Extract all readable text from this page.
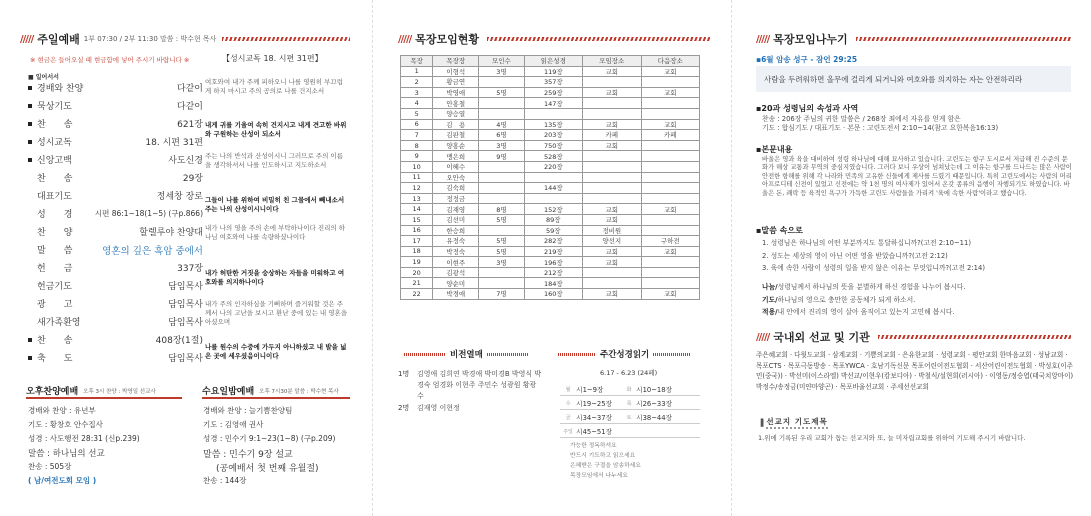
///// 주일예배 1부 07:30 / 2부 11:30 말씀 : 박수현 목사
※ 현금은 들어오실 때 현금함에 넣어 주시기 바랍니다 ※	【성시교독 18. 시편 31편】
■ 일어서서
경배와 찬양	다같이
묵상기도	다같이
찬　　송	621장
성시교독	18. 시편 31편
신앙고백	사도신경
찬　　송	29장
대표기도	정세창 장로
성　　경	시편 86:1~18(1~5) (구p.866)
찬　　양	할렐루야 찬양대
말　　씀	영혼의 깊은 흑암 중에서
헌　　금	337장
헌금기도	담임목사
광　　고	담임목사
새가족환영	담임목사
찬　　송	408장(1절)
축　　도	담임목사
여호와여 내가 주께 피하오니 나를 영원히 부끄럽게 하지 마시고 주의 공의로 나를 건지소서
내게 귀를 기울여 속히 건지시고 내게 견고한 바위와 구원하는 산성이 되소서
주는 나의 반석과 산성이시니 그러므로 주의 이름을 생각하셔서 나를 인도하시고 지도하소서
그들이 나를 위하여 비밀히 친 그물에서 빼내소서 주는 나의 산성이시니이다
내가 나의 영을 주의 손에 부탁하나이다 진리의 하나님 여호와여 나를 속량하셨나이다
내가 허탄한 거짓을 숭상하는 자들을 미워하고 여호와를 의지하나이다
내가 주의 인자하심을 기뻐하며 즐거워할 것은 주께서 나의 고난을 보시고 환난 중에 있는 내 영혼을 아셨으며
나를 원수의 수중에 가두지 아니하셨고 내 발을 넓은 곳에 세우셨음이니이다
오후찬양예배 오후 3시 찬양 : 박영일 선교사
경배와 찬양 : 유년부
기도 : 황창호 안수집사
성경 : 사도행전 28:31 (신p.239)
말씀 : 하나님의 선교
찬송 : 505장
( 남/여전도회 모임 )
수요일밤예배 오후 7시30분 말씀 : 박수현 목사
경배와 찬양 : 늘기쁨찬양팀
기도 : 김영애 권사
성경 : 민수기 9:1~23(1~8) (구p.209)
말씀 : 민수기 9장 설교
(공예배서 첫 번째 유월절)
찬송 : 144장
///// 목장모임현황
목장	목장장	모인수	읽은성경	모임장소	다음장소
1	이형석	3명	119장	교회	교회
2	황금연		357장		
3	박영애	5명	259장	교회	교회
4	안홍철		147장		
5	양승열				
6	김　용	4명	135장	교회	교회
7	김판철	6명	203장	카페	카페
8	양홍순	3명	750장	교회	
9	맹은희	9명	528장		
10	이혜수		220장		
11	오안숙				
12	김숙희		144장		
13	정정금				
14	김재영	8명	152장	교회	교회
15	김선미	5명	89장	교회	
16	한승희		59장	정비원	
17	유정숙	5명	282장	양선지	구하전
18	박정숙	5명	219장	교회	교회
19	이현주	3명	196장	교회	
20	김광석		212장		
21	양순미		184장		
22	박경애	7명	160장	교회	교회
비전열매
1명 김영애 김희연 박경애 박미경B 박영식 박경숙 엄경화 이현주 주민수 성광원 황광수
2명 김재영 이현정
주간성경읽기
6.17 - 6.23 (24페)
월 시1~9장	화 시10~18장
수 시19~25장	목 시26~33장
금 시34~37장	토 시38~44장
주일 시45~51장
가능한 정독하셔요
반드시 기도하고 읽으세요
은혜받은 구절을 암송하세요
목장모임에서 나누세요
///// 목장모임나누기
▪6월 암송 성구 - 잠언 29:25
사람을 두려워하면 올무에 걸리게 되거니와 여호와를 의지하는 자는 안전하리라
▪20과 성령님의 속성과 사역
찬송 : 206장 주님의 귀한 말씀은 / 268장 죄에서 자유를 얻게 함은
기도 : 합심기도 / 대표기도 · 본문 : 고린도전서 2:10~14(참고 요한복음16:13)
▪본문내용
바울은 영과 육을 대비하여 성령 하나님에 대해 묘사하고 있습니다. 고린도는 항구 도시로서 저급해 진 수준의 문화가 해상 교통과 무역의 중심지였습니다. 그러다 보니 우상이 넘쳐났는데 그 이유는 항구를 드나드는 많은 사람이 안전한 항해를 위해 각 나라와 민족의 고유한 신들에게 제사를 드렸기 때문입니다. 특히 고린도에서는 사람의 머리 아프로디테 신전이 있었고 신전에는 약 1천 명의 여사제가 있어서 온갖 종류의 음행이 자행되기도 하였습니다. 바울은 돈, 쾌락 등 육적인 욕구가 가득한 고린도 사람들을 가리켜 '육에 속한 사람'이라고 했습니다.
▪말씀 속으로
1. 성령님은 하나님의 어떤 부분까지도 통달하십니까?(고전 2:10~11)
2. 성도는 세상의 영이 아닌 어떤 영을 받았습니까?(고전 2:12)
3. 육에 속한 사람이 성령의 일을 받지 않은 이유는 무엇입니까?(고전 2:14)
나눔/성령님께서 하나님의 뜻을 분별하게 하신 경험을 나누어 봅시다.
기도/하나님의 영으로 충만한 공동체가 되게 하소서.
적용/내 안에서 진리의 영이 살아 움직이고 있는지 고민해 봅시다.
///// 국내외 선교 및 기관
주은혜교회 · 다윗도교회 · 삼계교회 · 기쁨의교회 · 은유한교회 · 성령교회 · 평안교회 한마음교회 · 성남교회 · 목포CTS · 목포극동방송 · 목포YWCA · 호남기독신문 목포어린이전도협회 · 서산어린이전도협회 · 박성호(이주민(중국)) · 박선미(이스라엘) 박선교/이현우(캄보디아) · 박철식/설현희(러시아) · 이영동/정승엽(태국치앙마이) 박정수/송정금(미얀마양곤) · 목포바울선교회 · 주세선선교회
▐ 선교지 기도제목
1.위에 기록된 우리 교회가 돕는 선교지와 또, 늘 미자립교회를 위하여 기도해 주시기 바랍니다.
